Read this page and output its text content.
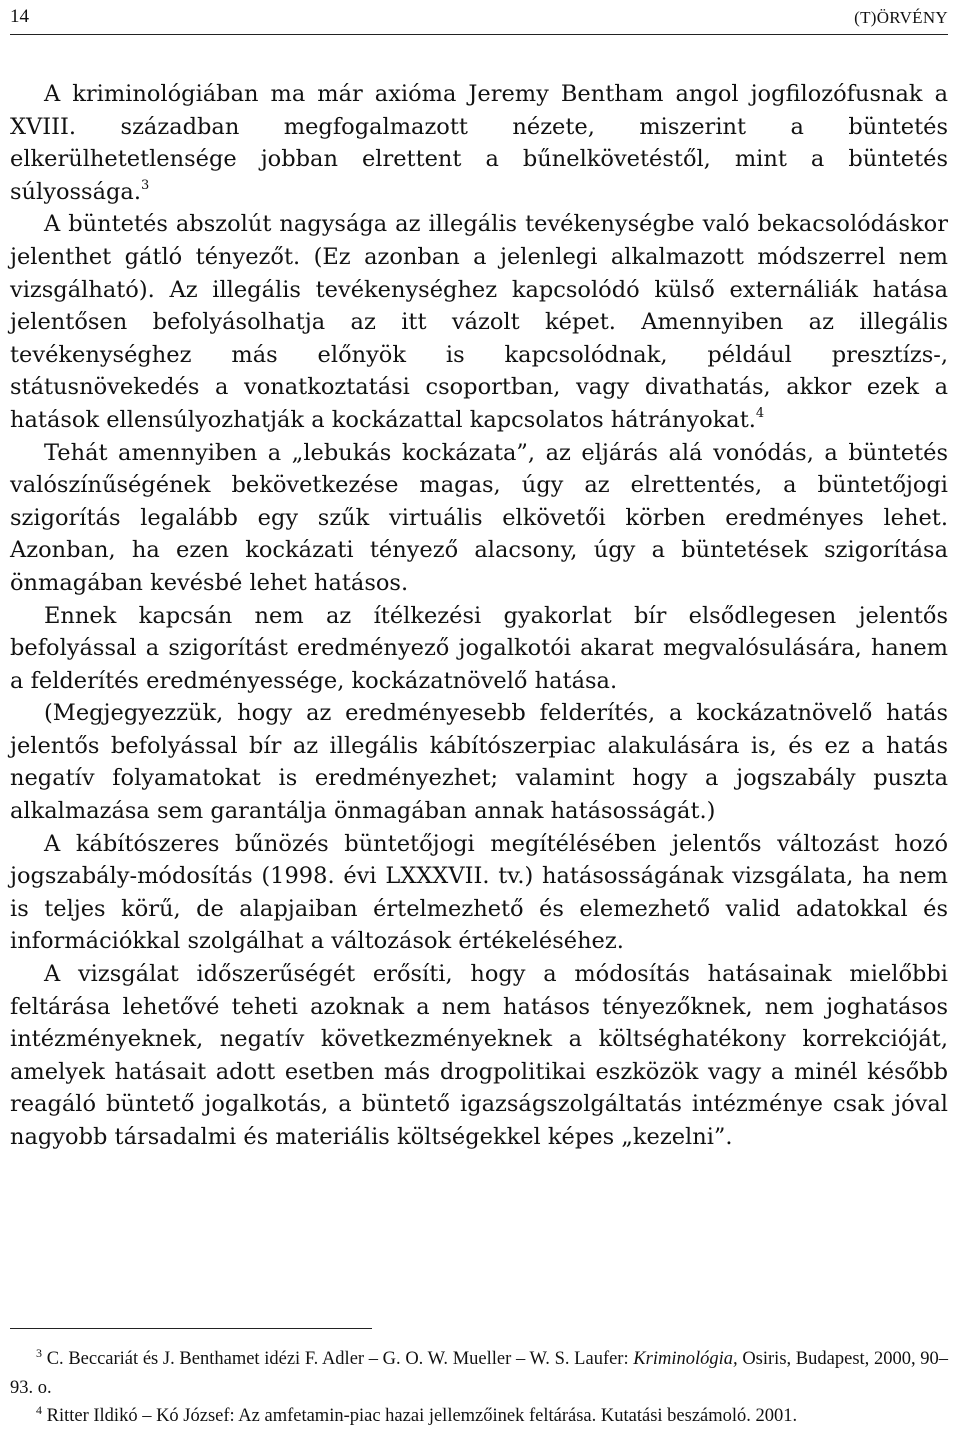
14	(T)ÖRVÉNY

A kriminológiában ma már axióma Jeremy Bentham angol jogfilozófusnak a XVIII. században megfogalmazott nézete, miszerint a büntetés elkerülhetetlensége jobban elrettent a bűnelkövetéstől, mint a büntetés súlyossága.$^3$

A büntetés abszolút nagysága az illegális tevékenységbe való bekacsolódáskor jelenthet gátló tényezőt. (Ez azonban a jelenlegi alkalmazott módszerrel nem vizsgálható). Az illegális tevékenységhez kapcsolódó külső externáliák hatása jelentősen befolyásolhatja az itt vázolt képet. Amennyiben az illegális tevékenységhez más előnyök is kapcsolódnak, például presztízs-, státusnövekedés a vonatkoztatási csoportban, vagy divathatás, akkor ezek a hatások ellensúlyozhatják a kockázattal kapcsolatos hátrányokat.$^4$

Tehát amennyiben a „lebukás kockázata”, az eljárás alá vonódás, a büntetés valószínűségének bekövetkezése magas, úgy az elrettentés, a büntetőjogi szigorítás legalább egy szűk virtuális elkövetői körben eredményes lehet. Azonban, ha ezen kockázati tényező alacsony, úgy a büntetések szigorítása önmagában kevésbé lehet hatásos.

Ennek kapcsán nem az ítélkezési gyakorlat bír elsődlegesen jelentős befolyással a szigorítást eredményező jogalkotói akarat megvalósulására, hanem a felderítés eredményessége, kockázatnövelő hatása.

(Megjegyezzük, hogy az eredményesebb felderítés, a kockázatnövelő hatás jelentős befolyással bír az illegális kábítószerpiac alakulására is, és ez a hatás negatív folyamatokat is eredményezhet; valamint hogy a jogszabály puszta alkalmazása sem garantálja önmagában annak hatásosságát.)

A kábítószeres bűnözés büntetőjogi megítélésében jelentős változást hozó jogszabály-módosítás (1998. évi LXXXVII. tv.) hatásosságának vizsgálata, ha nem is teljes körű, de alapjaiban értelmezhető és elemezhető valid adatokkal és információkkal szolgálhat a változások értékeléséhez.

A vizsgálat időszerűségét erősíti, hogy a módosítás hatásainak mielőbbi feltárása lehetővé teheti azoknak a nem hatásos tényezőknek, nem joghatásos intézményeknek, negatív következményeknek a költséghatékony korrekcióját, amelyek hatásait adott esetben más drogpolitikai eszközök vagy a minél később reagáló büntető jogalkotás, a büntető igazságszolgáltatás intézménye csak jóval nagyobb társadalmi és materiális költségekkel képes „kezelni”.

$^3$ C. Beccariát és J. Benthamet idézi F. Adler – G. O. W. Mueller – W. S. Laufer: Kriminológia, Osiris, Budapest, 2000, 90–93. o.

$^4$ Ritter Ildikó – Kó József: Az amfetamin-piac hazai jellemzőinek feltárása. Kutatási beszámoló. 2001.
